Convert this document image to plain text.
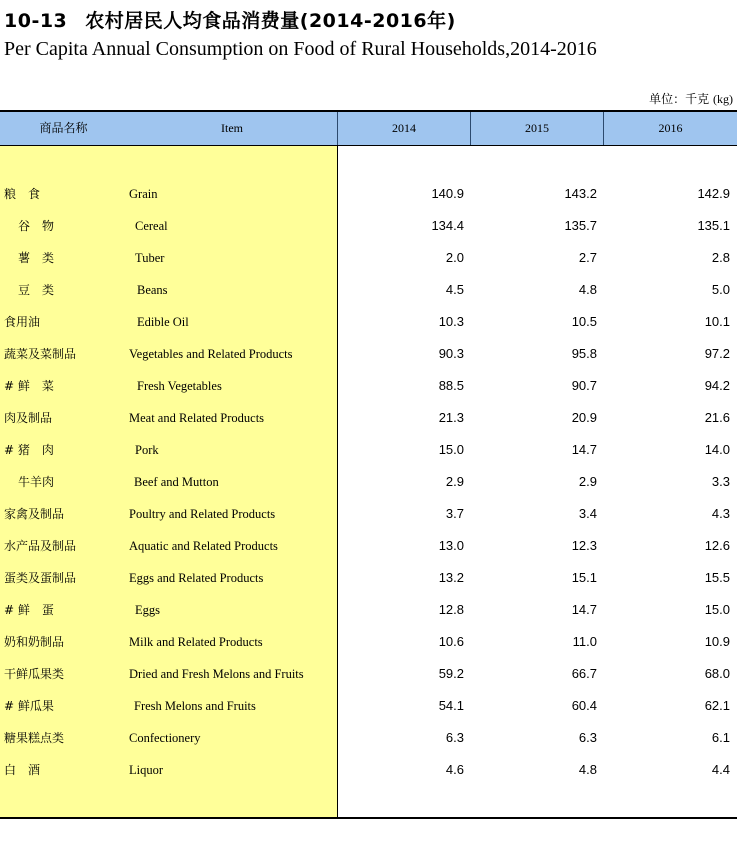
10-13 农村居民人均食品消费量(2014-2016年)
Per Capita Annual Consumption on Food of Rural Households,2014-2016
单位：千克 (kg)
商品名称	Item	2014	2015	2016
粮　食	Grain	140.9	143.2	142.9
谷　物	Cereal	134.4	135.7	135.1
薯　类	Tuber	2.0	2.7	2.8
豆　类	Beans	4.5	4.8	5.0
食用油	Edible Oil	10.3	10.5	10.1
蔬菜及菜制品	Vegetables and Related Products	90.3	95.8	97.2
# 鲜　菜	Fresh Vegetables	88.5	90.7	94.2
肉及制品	Meat and Related Products	21.3	20.9	21.6
# 猪　肉	Pork	15.0	14.7	14.0
牛羊肉	Beef and Mutton	2.9	2.9	3.3
家禽及制品	Poultry and Related Products	3.7	3.4	4.3
水产品及制品	Aquatic and Related Products	13.0	12.3	12.6
蛋类及蛋制品	Eggs and Related Products	13.2	15.1	15.5
# 鲜　蛋	Eggs	12.8	14.7	15.0
奶和奶制品	Milk and Related Products	10.6	11.0	10.9
干鲜瓜果类	Dried and Fresh Melons and Fruits	59.2	66.7	68.0
# 鲜瓜果	Fresh Melons and Fruits	54.1	60.4	62.1
糖果糕点类	Confectionery	6.3	6.3	6.1
白　酒	Liquor	4.6	4.8	4.4
